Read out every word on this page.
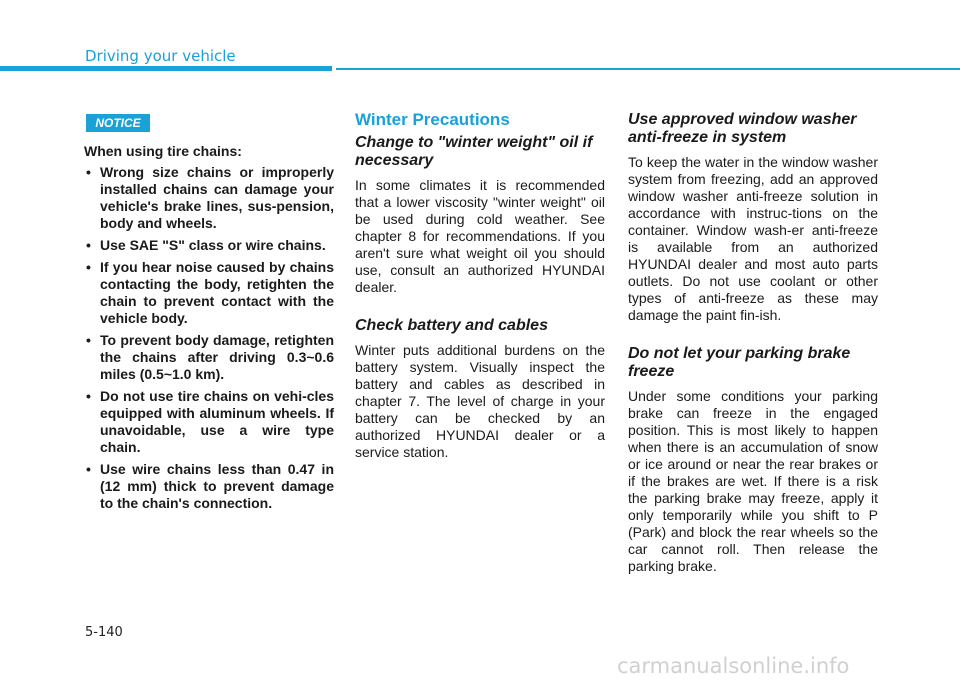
Driving your vehicle
NOTICE

When using tire chains:

• Wrong size chains or improperly installed chains can damage your vehicle's brake lines, sus-pension, body and wheels.
• Use SAE "S" class or wire chains.
• If you hear noise caused by chains contacting the body, retighten the chain to prevent contact with the vehicle body.
• To prevent body damage, retighten the chains after driving 0.3~0.6 miles (0.5~1.0 km).
• Do not use tire chains on vehi-cles equipped with aluminum wheels. If unavoidable, use a wire type chain.
• Use wire chains less than 0.47 in (12 mm) thick to prevent damage to the chain's connection.
Winter Precautions
Change to "winter weight" oil if necessary

In some climates it is recommended that a lower viscosity "winter weight" oil be used during cold weather. See chapter 8 for recommendations. If you aren't sure what weight oil you should use, consult an authorized HYUNDAI dealer.

Check battery and cables

Winter puts additional burdens on the battery system. Visually inspect the battery and cables as described in chapter 7. The level of charge in your battery can be checked by an authorized HYUNDAI dealer or a service station.

Use approved window washer anti-freeze in system

To keep the water in the window washer system from freezing, add an approved window washer anti-freeze solution in accordance with instruc-tions on the container. Window wash-er anti-freeze is available from an authorized HYUNDAI dealer and most auto parts outlets. Do not use coolant or other types of anti-freeze as these may damage the paint fin-ish.

Do not let your parking brake freeze

Under some conditions your parking brake can freeze in the engaged position. This is most likely to happen when there is an accumulation of snow or ice around or near the rear brakes or if the brakes are wet. If there is a risk the parking brake may freeze, apply it only temporarily while you shift to P (Park) and block the rear wheels so the car cannot roll. Then release the parking brake.

5-140
carmanualsonline.info
